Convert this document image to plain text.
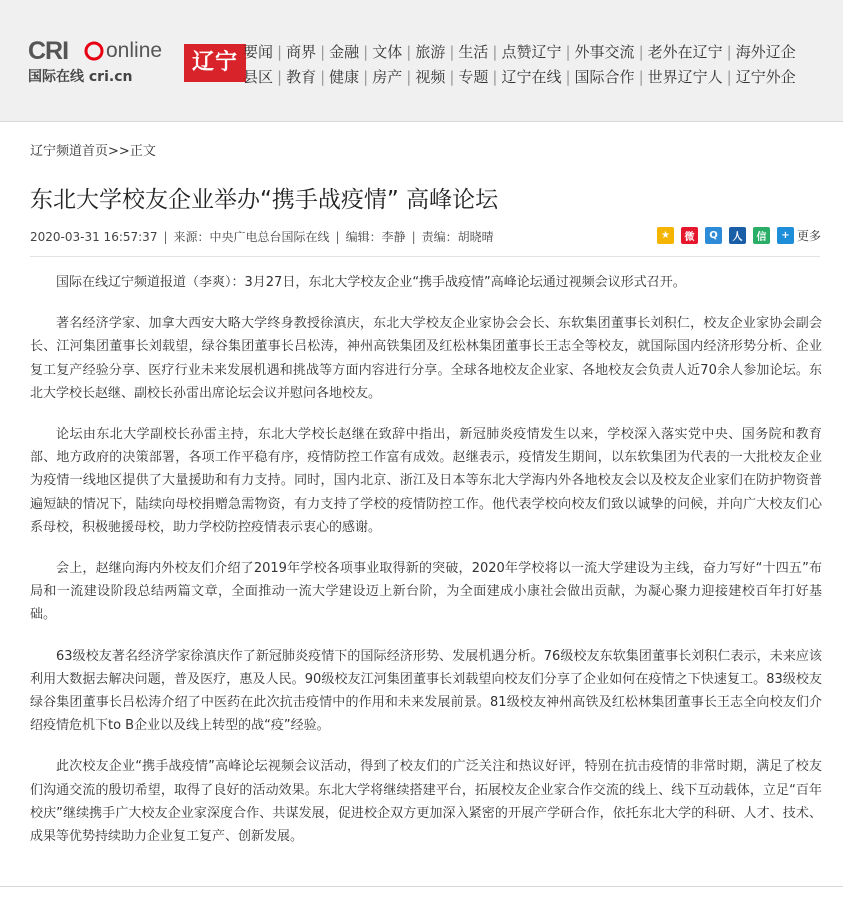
CRI online
国际在线 cri.cn
辽宁 要闻 | 商界 | 金融 | 文体 | 旅游 | 生活 | 点赞辽宁 | 外事交流 | 老外在辽宁 | 海外辽企
县区 | 教育 | 健康 | 房产 | 视频 | 专题 | 辽宁在线 | 国际合作 | 世界辽宁人 | 辽宁外企
辽宁频道首页>>正文
东北大学校友企业举办“携手战疫情” 高峰论坛
2020-03-31 16:57:37 | 来源：中央广电总台国际在线 | 编辑：李静 | 责编：胡晓晴	★	微	Q	人	信	+ 更多

国际在线辽宁频道报道（李爽）：3月27日，东北大学校友企业“携手战疫情”高峰论坛通过视频会议形式召开。

著名经济学家、加拿大西安大略大学终身教授徐滇庆，东北大学校友企业家协会会长、东软集团董事长刘积仁，校友企业家协会副会长、江河集团董事长刘载望，绿谷集团董事长吕松涛，神州高铁集团及红松林集团董事长王志全等校友，就国际国内经济形势分析、企业复工复产经验分享、医疗行业未来发展机遇和挑战等方面内容进行分享。全球各地校友企业家、各地校友会负责人近70余人参加论坛。东北大学校长赵继、副校长孙雷出席论坛会议并慰问各地校友。

论坛由东北大学副校长孙雷主持，东北大学校长赵继在致辞中指出，新冠肺炎疫情发生以来，学校深入落实党中央、国务院和教育部、地方政府的决策部署，各项工作平稳有序，疫情防控工作富有成效。赵继表示，疫情发生期间，以东软集团为代表的一大批校友企业为疫情一线地区提供了大量援助和有力支持。同时，国内北京、浙江及日本等东北大学海内外各地校友会以及校友企业家们在防护物资普遍短缺的情况下，陆续向母校捐赠急需物资，有力支持了学校的疫情防控工作。他代表学校向校友们致以诚挚的问候，并向广大校友们心系母校，积极驰援母校，助力学校防控疫情表示衷心的感谢。

会上，赵继向海内外校友们介绍了2019年学校各项事业取得新的突破，2020年学校将以一流大学建设为主线，奋力写好“十四五”布局和一流建设阶段总结两篇文章，全面推动一流大学建设迈上新台阶，为全面建成小康社会做出贡献，为凝心聚力迎接建校百年打好基础。

63级校友著名经济学家徐滇庆作了新冠肺炎疫情下的国际经济形势、发展机遇分析。76级校友东软集团董事长刘积仁表示，未来应该利用大数据去解决问题，普及医疗，惠及人民。90级校友江河集团董事长刘载望向校友们分享了企业如何在疫情之下快速复工。83级校友绿谷集团董事长吕松涛介绍了中医药在此次抗击疫情中的作用和未来发展前景。81级校友神州高铁及红松林集团董事长王志全向校友们介绍疫情危机下to B企业以及线上转型的战“疫”经验。

此次校友企业“携手战疫情”高峰论坛视频会议活动，得到了校友们的广泛关注和热议好评，特别在抗击疫情的非常时期，满足了校友们沟通交流的殷切希望，取得了良好的活动效果。东北大学将继续搭建平台，拓展校友企业家合作交流的线上、线下互动载体，立足“百年校庆”继续携手广大校友企业家深度合作、共谋发展，促进校企双方更加深入紧密的开展产学研合作，依托东北大学的科研、人才、技术、成果等优势持续助力企业复工复产、创新发展。
